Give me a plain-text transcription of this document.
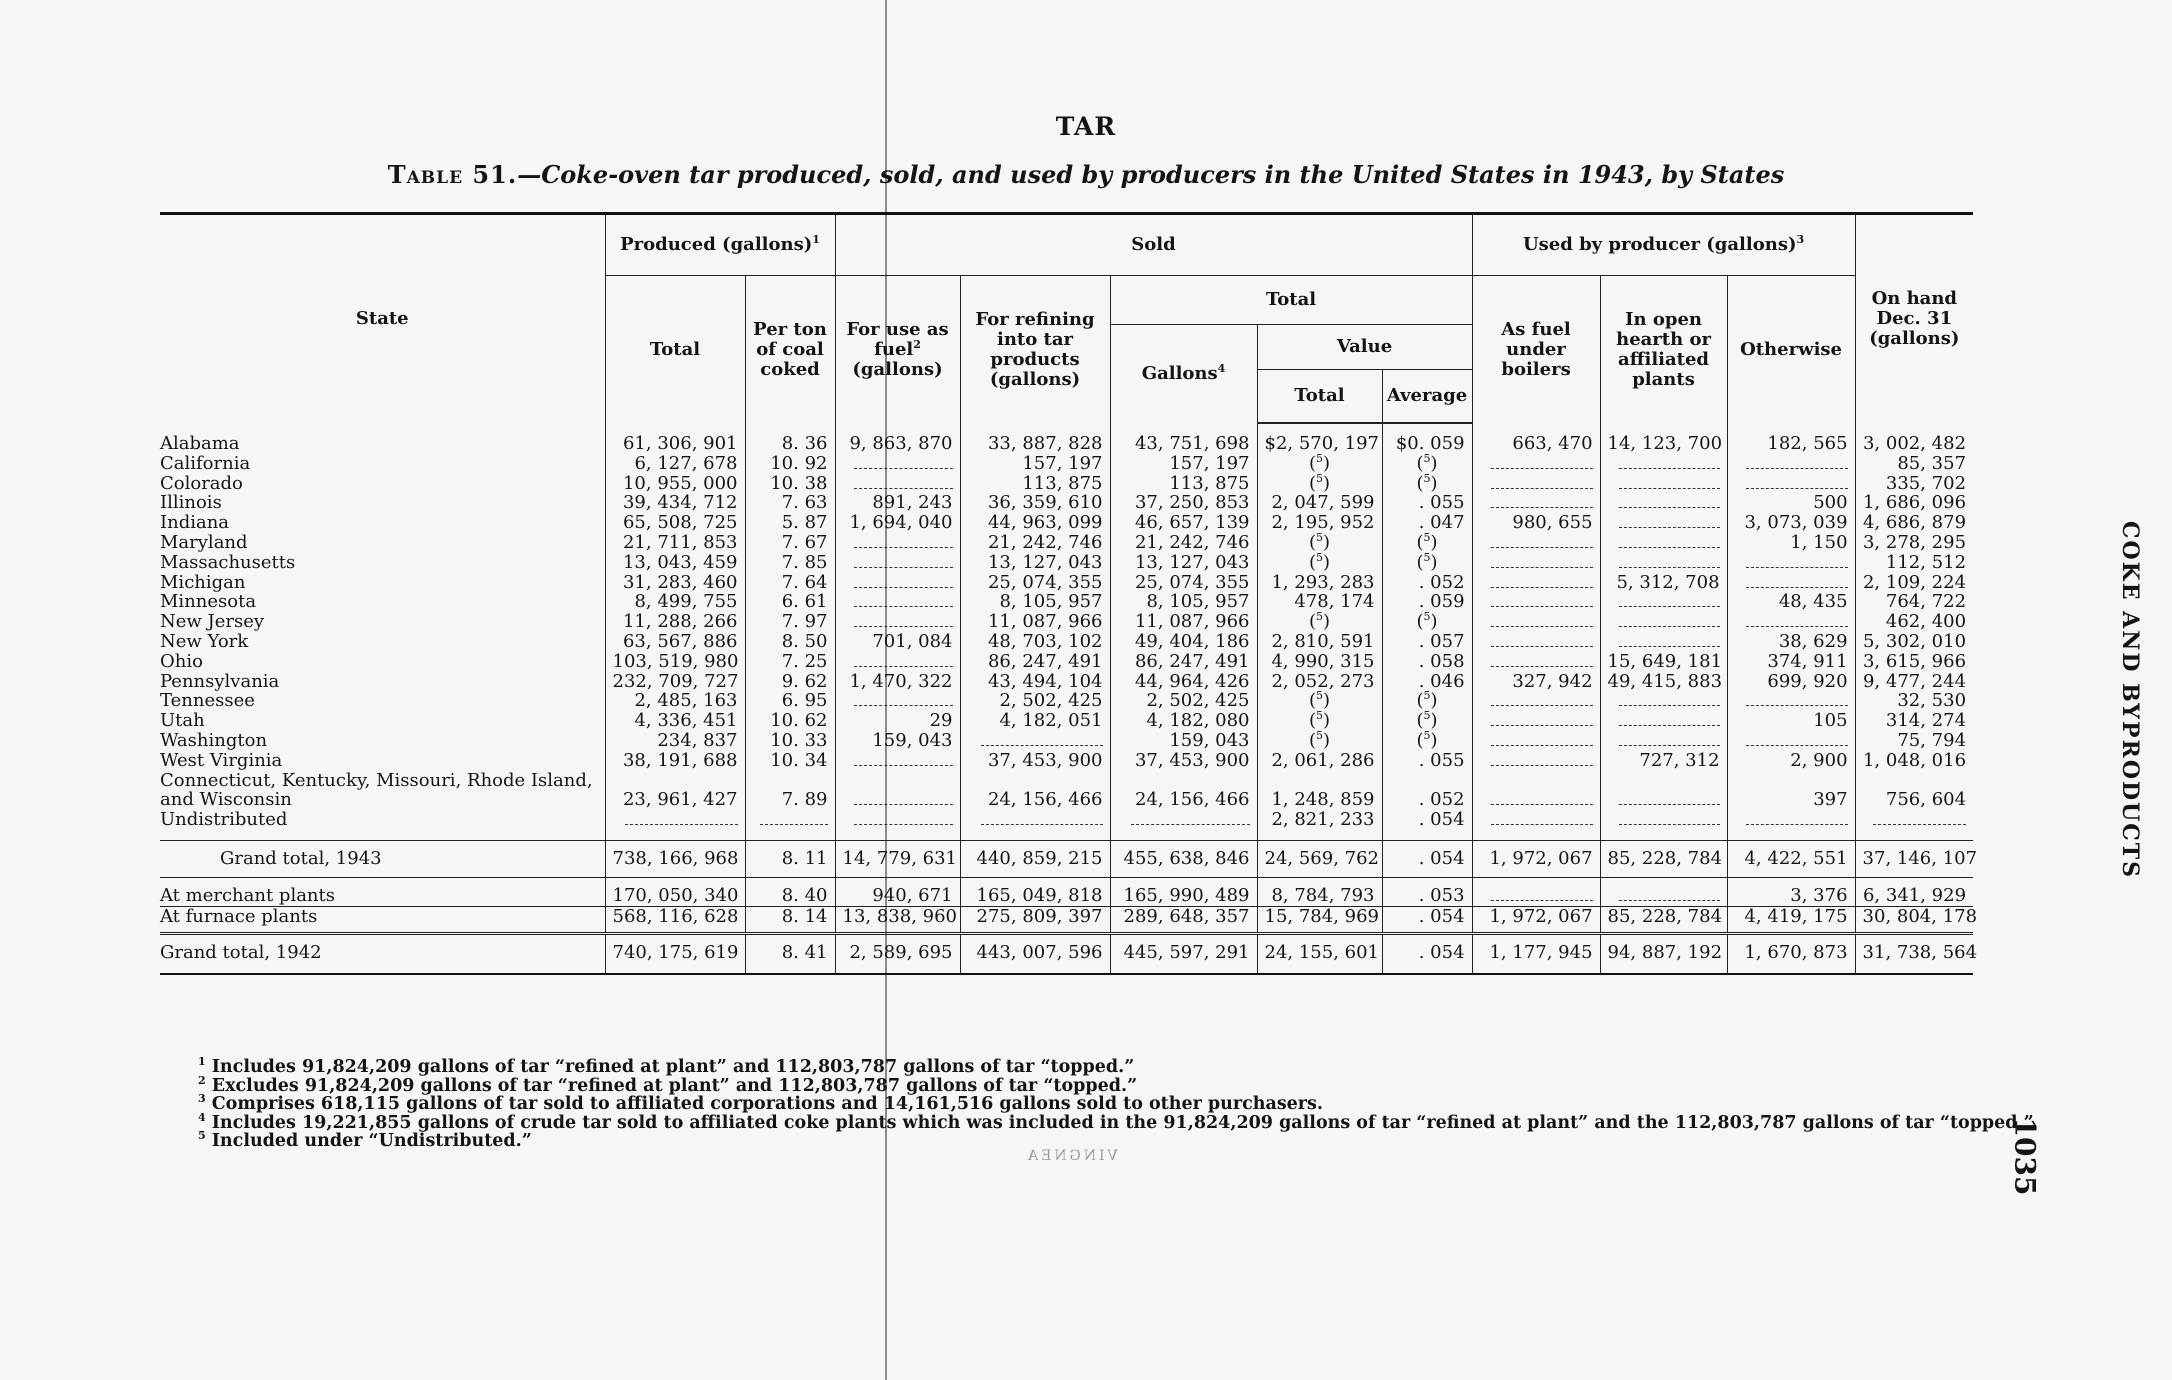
TAR
Table 51.—Coke-oven tar produced, sold, and used by producers in the United States in 1943, by States
State	Produced (gallons)$^1$		Sold					Used by producer (gallons)$^3$			On hand Dec. 31 (gallons)
	Total	Per ton of coal coked	For use as fuel$^2$ (gallons)	For refining into tar products (gallons)	Total			As fuel under boilers	In open hearth or affiliated plants	Otherwise	
					Gallons$^4$	Value					
						Total	Average				
Alabama	61, 306, 901	8. 36	9, 863, 870	33, 887, 828	43, 751, 698	$2, 570, 197	$0. 059	663, 470	14, 123, 700	182, 565	3, 002, 482
California	6, 127, 678	10. 92		157, 197	157, 197	($^5$)	($^5$)				85, 357
Colorado	10, 955, 000	10. 38		113, 875	113, 875	($^5$)	($^5$)				335, 702
Illinois	39, 434, 712	7. 63	891, 243	36, 359, 610	37, 250, 853	2, 047, 599	. 055			500	1, 686, 096
Indiana	65, 508, 725	5. 87	1, 694, 040	44, 963, 099	46, 657, 139	2, 195, 952	. 047	980, 655		3, 073, 039	4, 686, 879
Maryland	21, 711, 853	7. 67		21, 242, 746	21, 242, 746	($^5$)	($^5$)			1, 150	3, 278, 295
Massachusetts	13, 043, 459	7. 85		13, 127, 043	13, 127, 043	($^5$)	($^5$)				112, 512
Michigan	31, 283, 460	7. 64		25, 074, 355	25, 074, 355	1, 293, 283	. 052		5, 312, 708		2, 109, 224
Minnesota	8, 499, 755	6. 61		8, 105, 957	8, 105, 957	478, 174	. 059			48, 435	764, 722
New Jersey	11, 288, 266	7. 97		11, 087, 966	11, 087, 966	($^5$)	($^5$)				462, 400
New York	63, 567, 886	8. 50	701, 084	48, 703, 102	49, 404, 186	2, 810, 591	. 057			38, 629	5, 302, 010
Ohio	103, 519, 980	7. 25		86, 247, 491	86, 247, 491	4, 990, 315	. 058		15, 649, 181	374, 911	3, 615, 966
Pennsylvania	232, 709, 727	9. 62	1, 470, 322	43, 494, 104	44, 964, 426	2, 052, 273	. 046	327, 942	49, 415, 883	699, 920	9, 477, 244
Tennessee	2, 485, 163	6. 95		2, 502, 425	2, 502, 425	($^5$)	($^5$)				32, 530
Utah	4, 336, 451	10. 62	29	4, 182, 051	4, 182, 080	($^5$)	($^5$)			105	314, 274
Washington	234, 837	10. 33	159, 043		159, 043	($^5$)	($^5$)				75, 794
West Virginia	38, 191, 688	10. 34		37, 453, 900	37, 453, 900	2, 061, 286	. 055		727, 312	2, 900	1, 048, 016
Connecticut, Kentucky, Missouri, Rhode Island, and Wisconsin	23, 961, 427	7. 89		24, 156, 466	24, 156, 466	1, 248, 859	. 052			397	756, 604
Undistributed						2, 821, 233	. 054				
Grand total, 1943	738, 166, 968	8. 11	14, 779, 631	440, 859, 215	455, 638, 846	24, 569, 762	. 054	1, 972, 067	85, 228, 784	4, 422, 551	37, 146, 107
At merchant plants	170, 050, 340	8. 40	940, 671	165, 049, 818	165, 990, 489	8, 784, 793	. 053			3, 376	6, 341, 929
At furnace plants	568, 116, 628	8. 14	13, 838, 960	275, 809, 397	289, 648, 357	15, 784, 969	. 054	1, 972, 067	85, 228, 784	4, 419, 175	30, 804, 178
Grand total, 1942	740, 175, 619	8. 41	2, 589, 695	443, 007, 596	445, 597, 291	24, 155, 601	. 054	1, 177, 945	94, 887, 192	1, 670, 873	31, 738, 564
$^1$ Includes 91,824,209 gallons of tar “refined at plant” and 112,803,787 gallons of tar “topped.”
$^2$ Excludes 91,824,209 gallons of tar “refined at plant” and 112,803,787 gallons of tar “topped.”
$^3$ Comprises 618,115 gallons of tar sold to affiliated corporations and 14,161,516 gallons sold to other purchasers.
$^4$ Includes 19,221,855 gallons of crude tar sold to affiliated coke plants which was included in the 91,824,209 gallons of tar “refined at plant” and the 112,803,787 gallons of tar “topped.”
$^5$ Included under “Undistributed.”
COKE AND BYPRODUCTS
1035
VINGNEA
